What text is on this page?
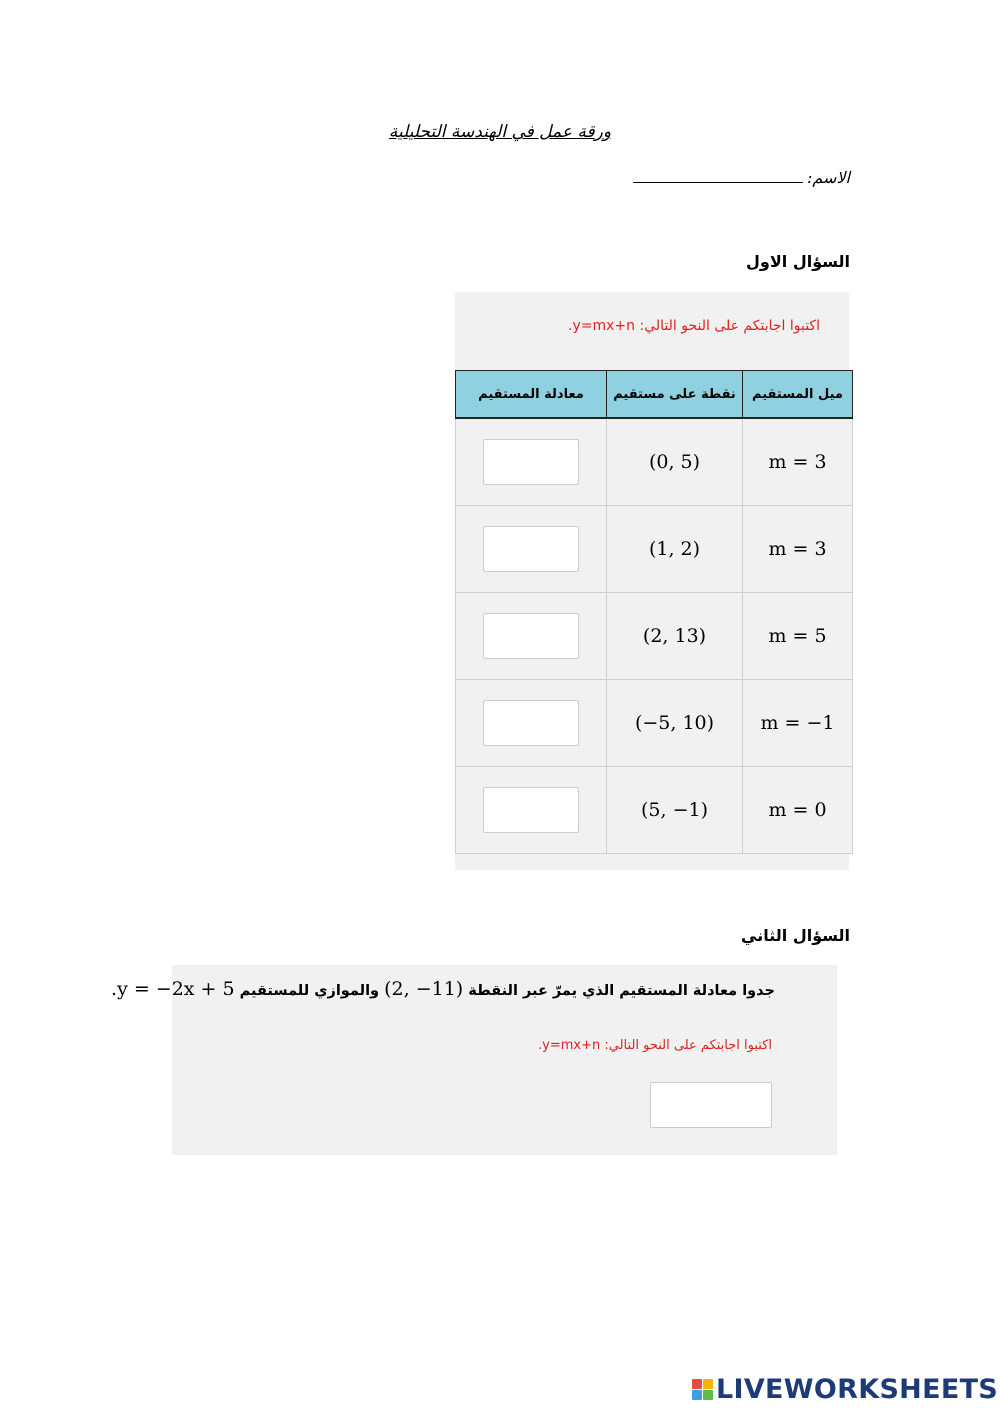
ورقة عمل في الهندسة التحليلية
الاسم:
السؤال الاول
اكتبوا اجابتكم على النحو التالي: y=mx+n.
ميل المستقيم	نقطة على مستقيم	معادلة المستقيم
m = 3	(0, 5)	
m = 3	(1, 2)	
m = 5	(2, 13)	
m = −1	(−5, 10)	
m = 0	(5, −1)	
السؤال الثاني
جدوا معادلة المستقيم الذي يمرّ عبر النقطة (2, −11) والموازي للمستقيم y = −2x + 5.
اكتبوا اجابتكم على النحو التالي: y=mx+n.
LIVEWORKSHEETS
